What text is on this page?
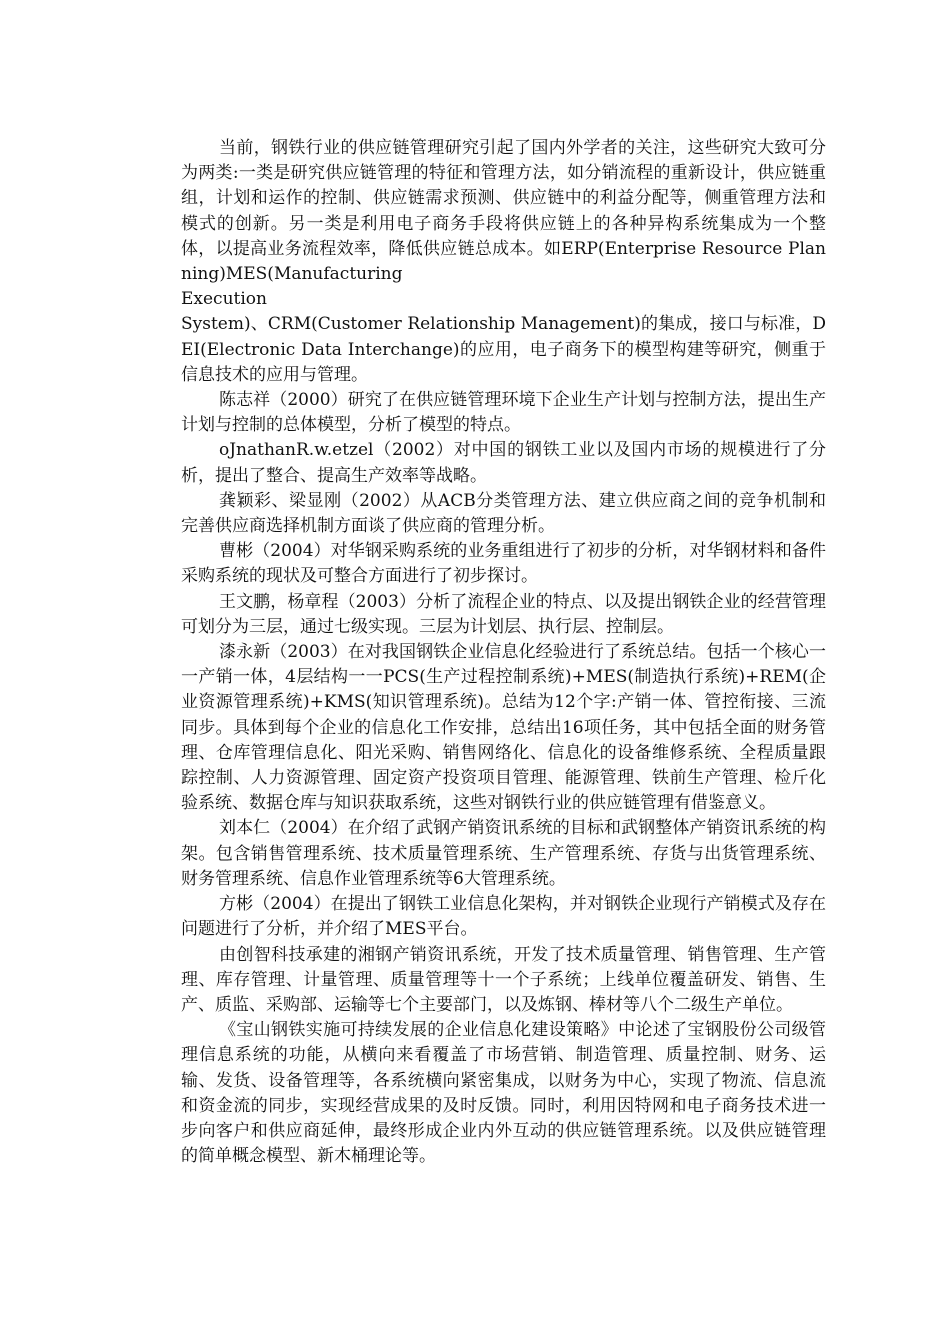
当前，钢铁行业的供应链管理研究引起了国内外学者的关注，这些研究大致可分为两类:一类是研究供应链管理的特征和管理方法，如分销流程的重新设计，供应链重组，计划和运作的控制、供应链需求预测、供应链中的利益分配等，侧重管理方法和模式的创新。另一类是利用电子商务手段将供应链上的各种异构系统集成为一个整体，以提高业务流程效率，降低供应链总成本。如ERP(Enterprise Resource Planning)MES(Manufacturing
Execution
System)、CRM(Customer Relationship Management)的集成，接口与标准，DEI(Electronic Data Interchange)的应用，电子商务下的模型构建等研究，侧重于信息技术的应用与管理。

陈志祥（2000）研究了在供应链管理环境下企业生产计划与控制方法，提出生产计划与控制的总体模型，分析了模型的特点。

oJnathanR.w.etzel（2002）对中国的钢铁工业以及国内市场的规模进行了分析，提出了整合、提高生产效率等战略。

龚颖彩、梁显刚（2002）从ACB分类管理方法、建立供应商之间的竞争机制和完善供应商选择机制方面谈了供应商的管理分析。

曹彬（2004）对华钢采购系统的业务重组进行了初步的分析，对华钢材料和备件采购系统的现状及可整合方面进行了初步探讨。

王文鹏，杨章程（2003）分析了流程企业的特点、以及提出钢铁企业的经营管理可划分为三层，通过七级实现。三层为计划层、执行层、控制层。

漆永新（2003）在对我国钢铁企业信息化经验进行了系统总结。包括一个核心一一产销一体，4层结构一一PCS(生产过程控制系统)+MES(制造执行系统)+REM(企业资源管理系统)+KMS(知识管理系统)。总结为12个字:产销一体、管控衔接、三流同步。具体到每个企业的信息化工作安排，总结出16项任务，其中包括全面的财务管理、仓库管理信息化、阳光采购、销售网络化、信息化的设备维修系统、全程质量跟踪控制、人力资源管理、固定资产投资项目管理、能源管理、铁前生产管理、检斤化验系统、数据仓库与知识获取系统，这些对钢铁行业的供应链管理有借鉴意义。

刘本仁（2004）在介绍了武钢产销资讯系统的目标和武钢整体产销资讯系统的构架。包含销售管理系统、技术质量管理系统、生产管理系统、存货与出货管理系统、财务管理系统、信息作业管理系统等6大管理系统。

方彬（2004）在提出了钢铁工业信息化架构，并对钢铁企业现行产销模式及存在问题进行了分析，并介绍了MES平台。

由创智科技承建的湘钢产销资讯系统，开发了技术质量管理、销售管理、生产管理、库存管理、计量管理、质量管理等十一个子系统；上线单位覆盖研发、销售、生产、质监、采购部、运输等七个主要部门，以及炼钢、棒材等八个二级生产单位。

《宝山钢铁实施可持续发展的企业信息化建设策略》中论述了宝钢股份公司级管理信息系统的功能，从横向来看覆盖了市场营销、制造管理、质量控制、财务、运输、发货、设备管理等，各系统横向紧密集成，以财务为中心，实现了物流、信息流和资金流的同步，实现经营成果的及时反馈。同时，利用因特网和电子商务技术进一步向客户和供应商延伸，最终形成企业内外互动的供应链管理系统。以及供应链管理的简单概念模型、新木桶理论等。
